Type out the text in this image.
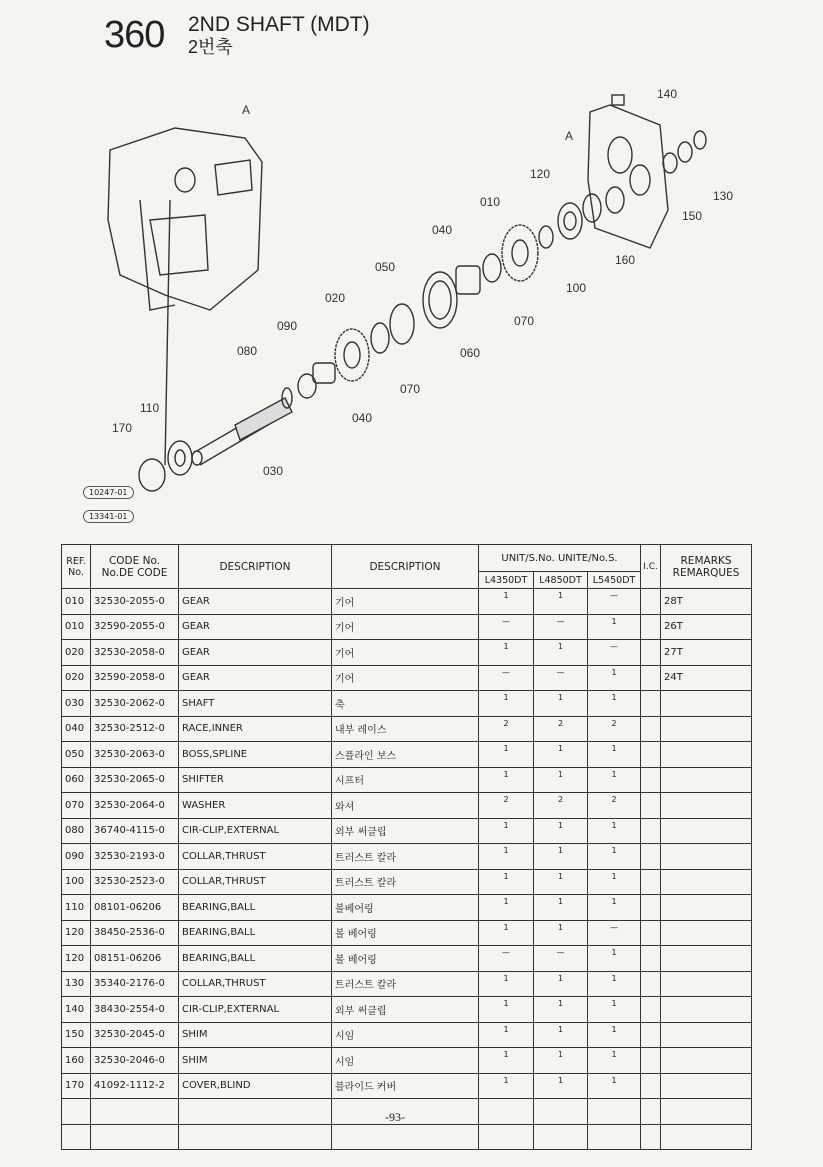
360 2ND SHAFT (MDT)
2번축
140
120
010	130
150
160
040
100
050
070
020
060
090
070
080
040
110
170
030
A
A
10247-01
13341-01
REF. No.	CODE No. No.DE CODE	DESCRIPTION	DESCRIPTION	UNIT/S.No. UNITE/No.S.			I.C.	REMARKS REMARQUES
				L4350DT	L4850DT	L5450DT		
010	32530-2055-0	GEAR	기어	1	1	—		28T
010	32590-2055-0	GEAR	기어	—	—	1		26T
020	32530-2058-0	GEAR	기어	1	1	—		27T
020	32590-2058-0	GEAR	기어	—	—	1		24T
030	32530-2062-0	SHAFT	축	1	1	1		
040	32530-2512-0	RACE,INNER	내부 레이스	2	2	2		
050	32530-2063-0	BOSS,SPLINE	스플라인 보스	1	1	1		
060	32530-2065-0	SHIFTER	시프터	1	1	1		
070	32530-2064-0	WASHER	와셔	2	2	2		
080	36740-4115-0	CIR-CLIP,EXTERNAL	외부 써클립	1	1	1		
090	32530-2193-0	COLLAR,THRUST	트러스트 칼라	1	1	1		
100	32530-2523-0	COLLAR,THRUST	트러스트 칼라	1	1	1		
110	08101-06206	BEARING,BALL	볼베어링	1	1	1		
120	38450-2536-0	BEARING,BALL	볼 베어링	1	1	—		
120	08151-06206	BEARING,BALL	볼 베어링	—	—	1		
130	35340-2176-0	COLLAR,THRUST	트러스트 칼라	1	1	1		
140	38430-2554-0	CIR-CLIP,EXTERNAL	외부 써클립	1	1	1		
150	32530-2045-0	SHIM	시임	1	1	1		
160	32530-2046-0	SHIM	시임	1	1	1		
170	41092-1112-2	COVER,BLIND	블라이드 커버	1	1	1		

-93-
